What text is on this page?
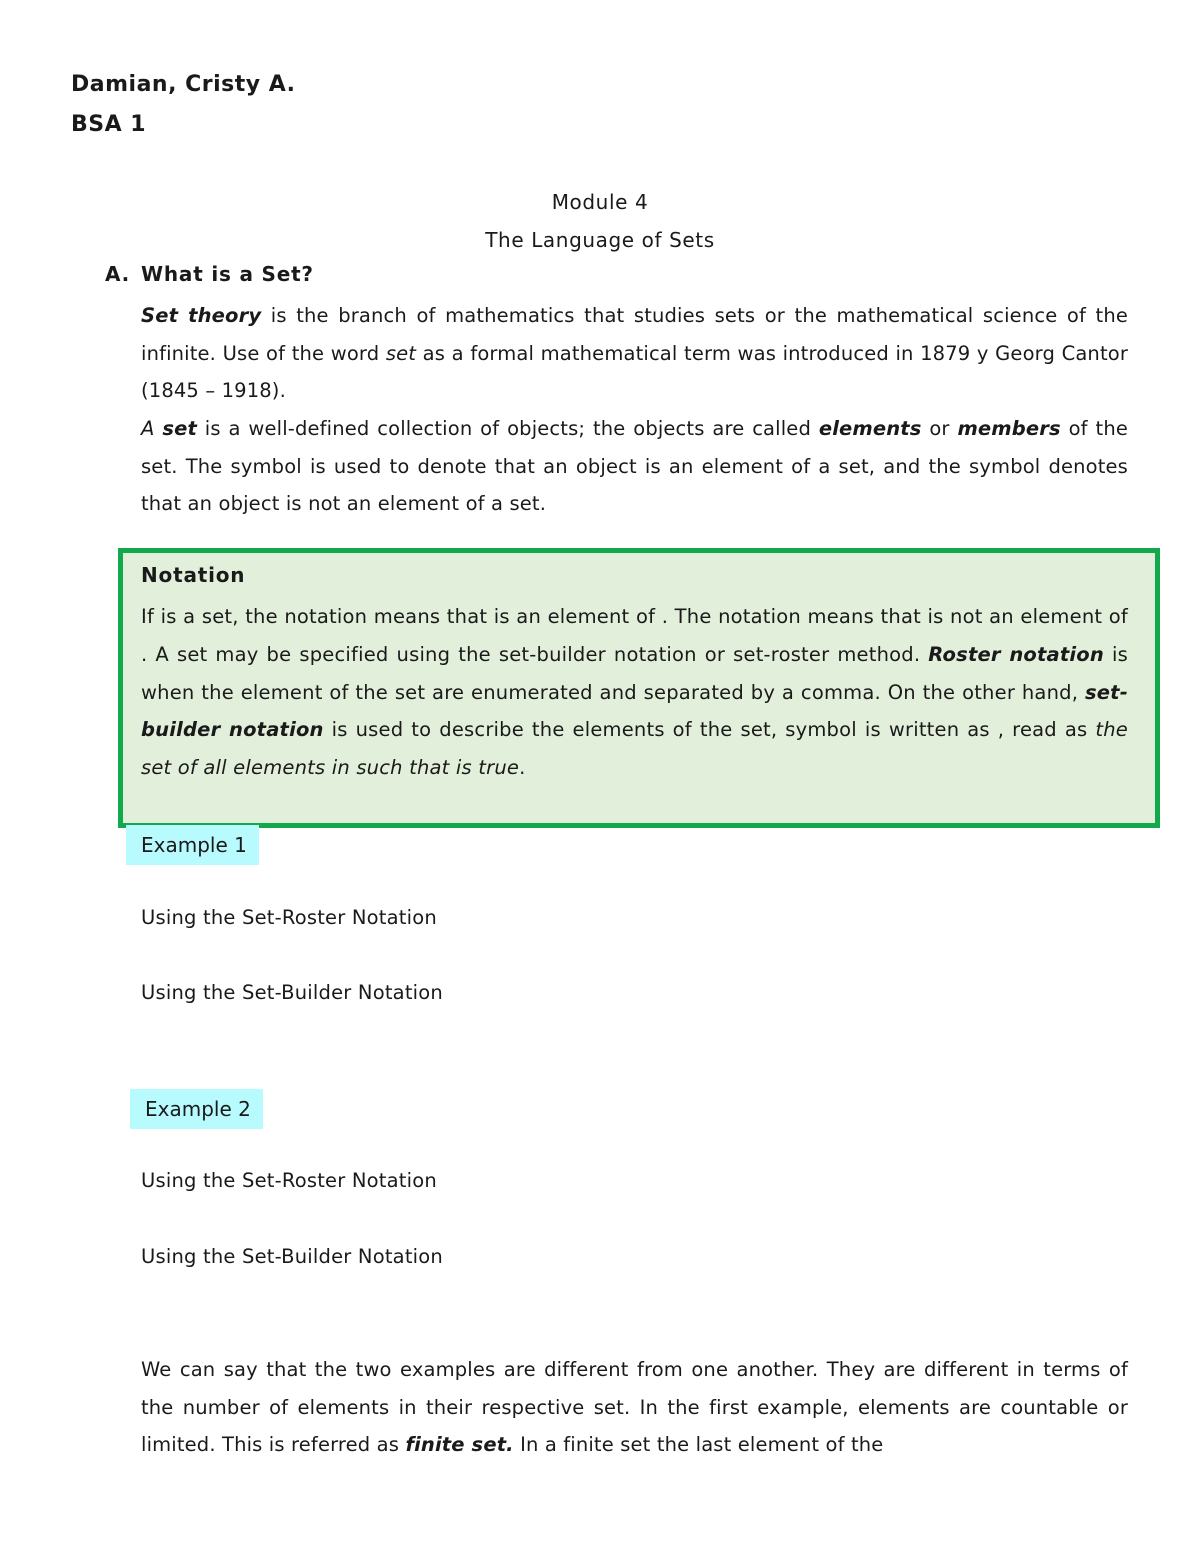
Damian, Cristy A.
BSA 1
Module 4
The Language of Sets
A. What is a Set?
Set theory is the branch of mathematics that studies sets or the mathematical science of the infinite. Use of the word set as a formal mathematical term was introduced in 1879 y Georg Cantor (1845 – 1918).
A set is a well-defined collection of objects; the objects are called elements or members of the set. The symbol is used to denote that an object is an element of a set, and the symbol denotes that an object is not an element of a set.
Notation
If is a set, the notation means that is an element of . The notation means that is not an element of . A set may be specified using the set-builder notation or set-roster method. Roster notation is when the element of the set are enumerated and separated by a comma. On the other hand, set-builder notation is used to describe the elements of the set, symbol is written as , read as the set of all elements in such that is true.
Example 1
Using the Set-Roster Notation
Using the Set-Builder Notation
Example 2
Using the Set-Roster Notation
Using the Set-Builder Notation
We can say that the two examples are different from one another. They are different in terms of the number of elements in their respective set. In the first example, elements are countable or limited. This is referred as finite set. In a finite set the last element of the
